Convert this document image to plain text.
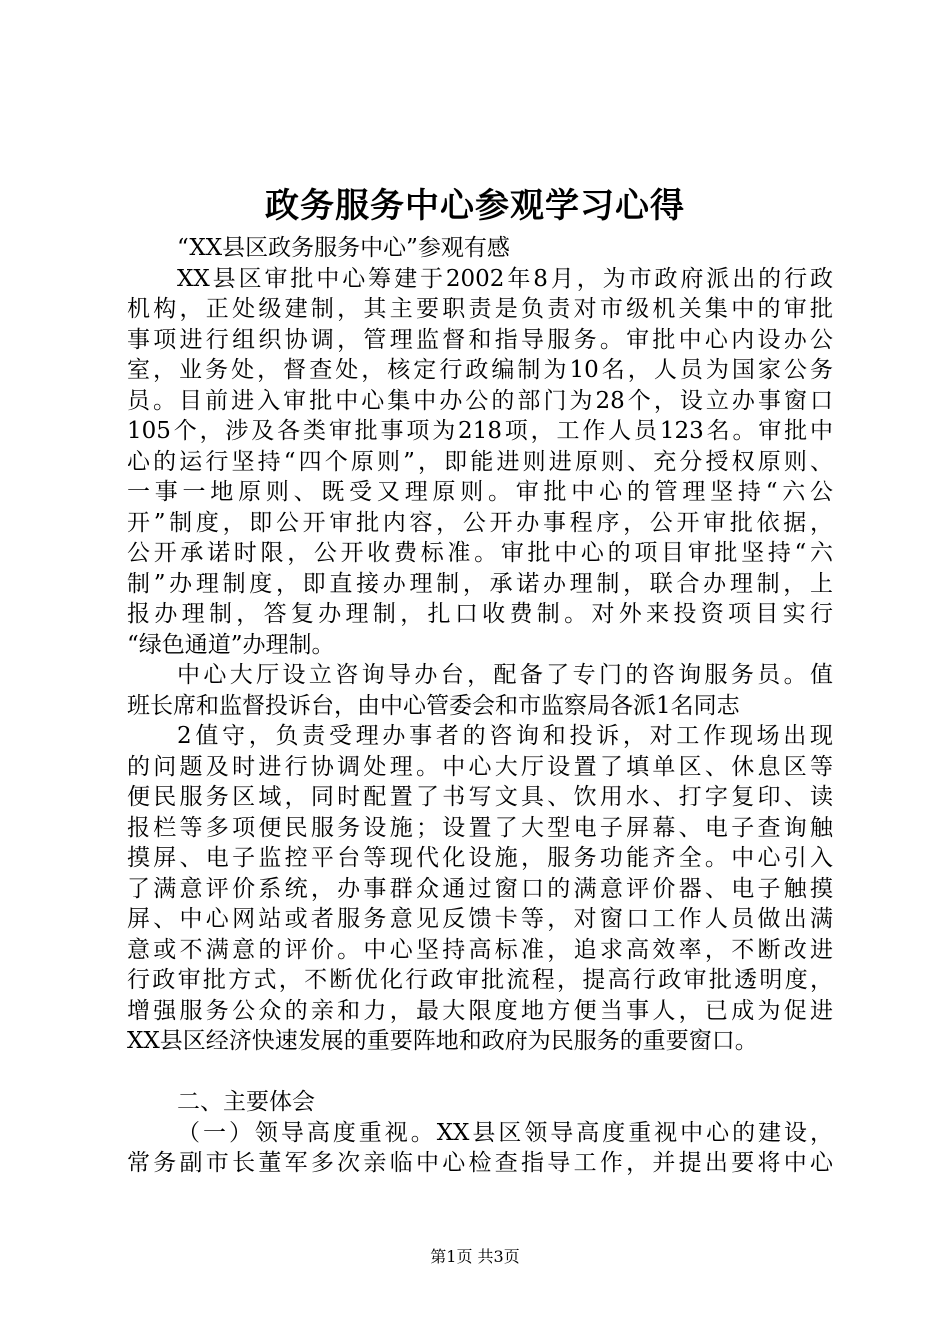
政务服务中心参观学习心得
“XX县区政务服务中心”参观有感
XX县区审批中心筹建于2002年8月，为市政府派出的行政
机构，正处级建制，其主要职责是负责对市级机关集中的审批
事项进行组织协调，管理监督和指导服务。审批中心内设办公
室，业务处，督查处，核定行政编制为10名，人员为国家公务
员。目前进入审批中心集中办公的部门为28个，设立办事窗口
105个，涉及各类审批事项为218项，工作人员123名。审批中
心的运行坚持“四个原则”，即能进则进原则、充分授权原则、
一事一地原则、既受又理原则。审批中心的管理坚持“六公
开”制度，即公开审批内容，公开办事程序，公开审批依据，
公开承诺时限，公开收费标准。审批中心的项目审批坚持“六
制”办理制度，即直接办理制，承诺办理制，联合办理制，上
报办理制，答复办理制，扎口收费制。对外来投资项目实行
“绿色通道”办理制。
中心大厅设立咨询导办台，配备了专门的咨询服务员。值
班长席和监督投诉台，由中心管委会和市监察局各派1名同志
2值守，负责受理办事者的咨询和投诉，对工作现场出现
的问题及时进行协调处理。中心大厅设置了填单区、休息区等
便民服务区域，同时配置了书写文具、饮用水、打字复印、读
报栏等多项便民服务设施；设置了大型电子屏幕、电子查询触
摸屏、电子监控平台等现代化设施，服务功能齐全。中心引入
了满意评价系统，办事群众通过窗口的满意评价器、电子触摸
屏、中心网站或者服务意见反馈卡等，对窗口工作人员做出满
意或不满意的评价。中心坚持高标准，追求高效率，不断改进
行政审批方式，不断优化行政审批流程，提高行政审批透明度，
增强服务公众的亲和力，最大限度地方便当事人，已成为促进
XX县区经济快速发展的重要阵地和政府为民服务的重要窗口。
二、主要体会
（一）领导高度重视。XX县区领导高度重视中心的建设，
常务副市长董军多次亲临中心检查指导工作，并提出要将中心
第1页 共3页
